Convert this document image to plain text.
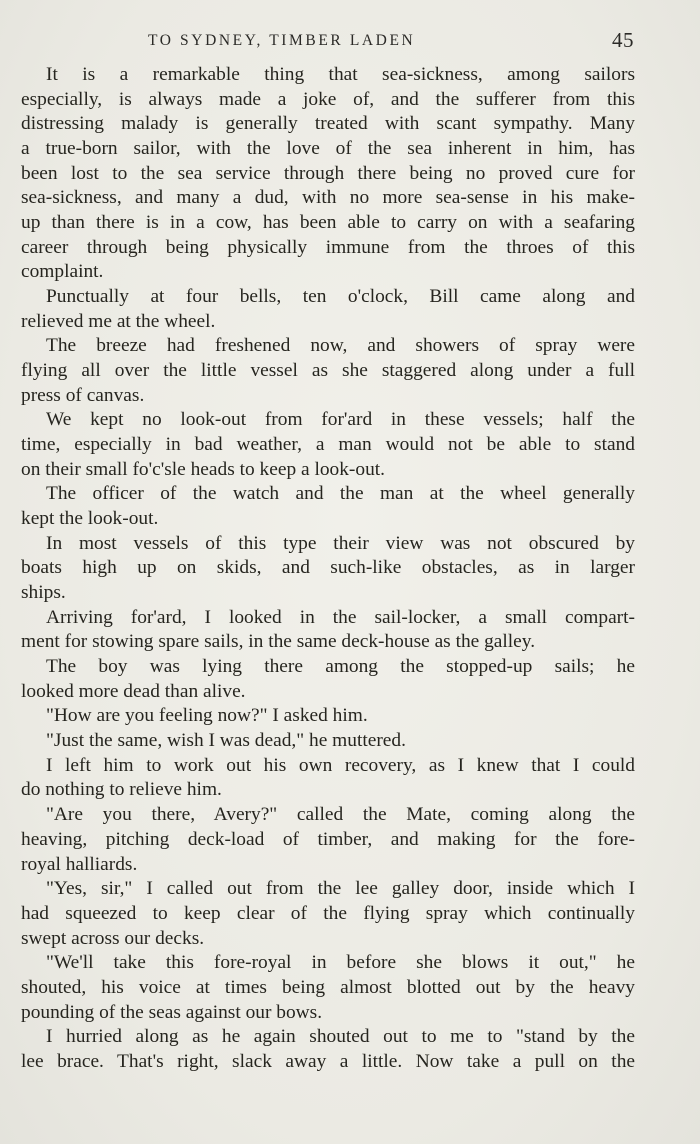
TO SYDNEY, TIMBER LADEN	45
It is a remarkable thing that sea-sickness, among sailors
especially, is always made a joke of, and the sufferer from this
distressing malady is generally treated with scant sympathy. Many
a true-born sailor, with the love of the sea inherent in him, has
been lost to the sea service through there being no proved cure for
sea-sickness, and many a dud, with no more sea-sense in his make-
up than there is in a cow, has been able to carry on with a seafaring
career through being physically immune from the throes of this
complaint.
Punctually at four bells, ten o'clock, Bill came along and
relieved me at the wheel.
The breeze had freshened now, and showers of spray were
flying all over the little vessel as she staggered along under a full
press of canvas.
We kept no look-out from for'ard in these vessels; half the
time, especially in bad weather, a man would not be able to stand
on their small fo'c'sle heads to keep a look-out.
The officer of the watch and the man at the wheel generally
kept the look-out.
In most vessels of this type their view was not obscured by
boats high up on skids, and such-like obstacles, as in larger
ships.
Arriving for'ard, I looked in the sail-locker, a small compart-
ment for stowing spare sails, in the same deck-house as the galley.
The boy was lying there among the stopped-up sails; he
looked more dead than alive.
"How are you feeling now?" I asked him.
"Just the same, wish I was dead," he muttered.
I left him to work out his own recovery, as I knew that I could
do nothing to relieve him.
"Are you there, Avery?" called the Mate, coming along the
heaving, pitching deck-load of timber, and making for the fore-
royal halliards.
"Yes, sir," I called out from the lee galley door, inside which I
had squeezed to keep clear of the flying spray which continually
swept across our decks.
"We'll take this fore-royal in before she blows it out," he
shouted, his voice at times being almost blotted out by the heavy
pounding of the seas against our bows.
I hurried along as he again shouted out to me to "stand by the
lee brace. That's right, slack away a little. Now take a pull on the
